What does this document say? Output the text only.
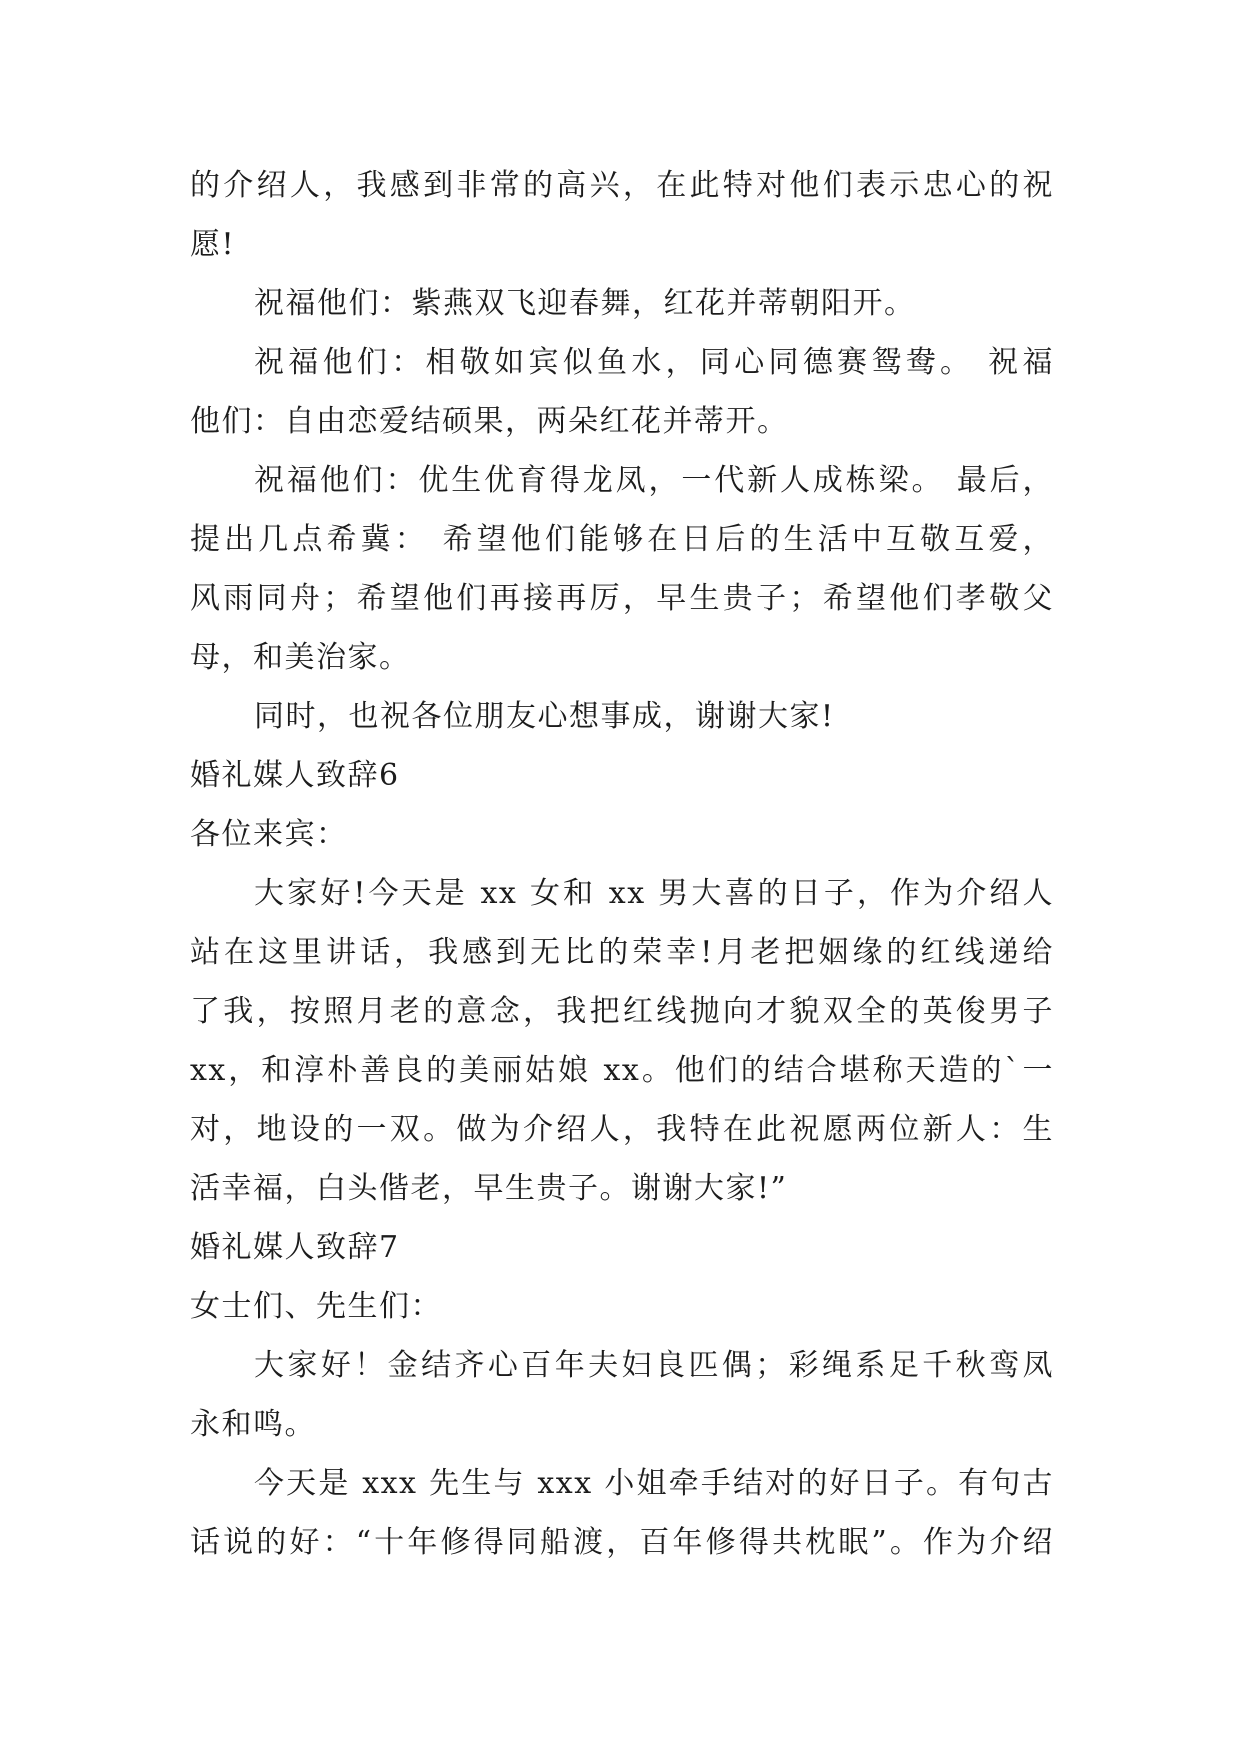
的介绍人，我感到非常的高兴，在此特对他们表示忠心的祝
愿!
祝福他们：紫燕双飞迎春舞，红花并蒂朝阳开。
祝福他们：相敬如宾似鱼水，同心同德赛鸳鸯。 祝福
他们：自由恋爱结硕果，两朵红花并蒂开。
祝福他们：优生优育得龙凤，一代新人成栋梁。 最后，
提出几点希冀： 希望他们能够在日后的生活中互敬互爱，
风雨同舟；希望他们再接再厉，早生贵子；希望他们孝敬父
母，和美治家。
同时，也祝各位朋友心想事成，谢谢大家!
婚礼媒人致辞6
各位来宾：
大家好!今天是 xx 女和 xx 男大喜的日子，作为介绍人
站在这里讲话，我感到无比的荣幸!月老把姻缘的红线递给
了我，按照月老的意念，我把红线抛向才貌双全的英俊男子
xx，和淳朴善良的美丽姑娘 xx。他们的结合堪称天造的`一
对，地设的一双。做为介绍人，我特在此祝愿两位新人：生
活幸福，白头偕老，早生贵子。谢谢大家!”
婚礼媒人致辞7
女士们、先生们：
大家好！金结齐心百年夫妇良匹偶；彩绳系足千秋鸾凤
永和鸣。
今天是 xxx 先生与 xxx 小姐牵手结对的好日子。有句古
话说的好：“十年修得同船渡，百年修得共枕眠”。作为介绍
